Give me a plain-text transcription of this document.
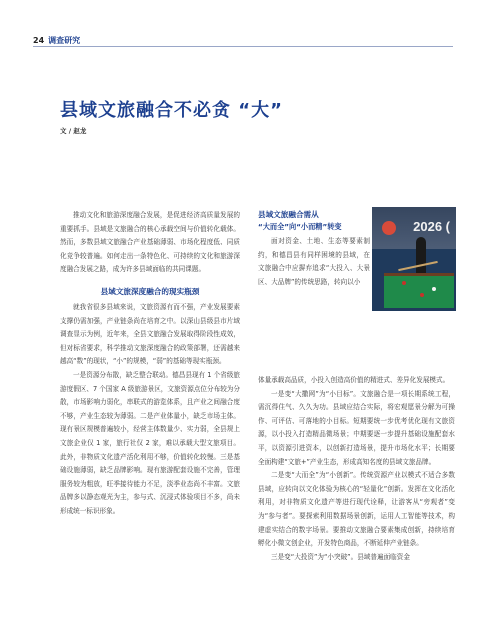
24 调查研究
县域文旅融合不必贪 “大”
文 / 赵龙

推动文化和旅游深度融合发展，是促进经济高质量发展的重要抓手。县域是文旅融合的核心承载空间与价值转化载体。然而，多数县域文旅融合产业基础薄弱、市场化程度低、同质化竞争较普遍。如何走出一条特色化、可持续的文化和旅游深度融合发展之路，成为许多县域面临的共同课题。

县域文旅深度融合的现实瓶颈

就我省很多县域来说，文旅资源有而不强，产业发展要素支撑仍需加强，产业链条尚在培育之中。以深山县级县市片域调查显示为例，近年来，全县文旅融合发展取得阶段性成效，但对标省要求，科学推动文旅深度融合的政策部署，还需越来越高“数”的现状，“小”的规模，“弱”的基础等现实瓶颈。

一是资源分布散，缺乏整合联动。德昌县现有 1 个省级旅游度假区、7 个国家 A 级旅游景区，文旅资源点位分布较为分散，市场影响力弱化，串联式的游览体系，且产业之间融合度不够，产业生态较为薄弱。二是产业体量小，缺乏市场主体。现有景区规模普遍较小，经营主体数量少、实力弱，全县规上文旅企业仅 1 家，旅行社仅 2 家，难以承载大型文旅项目。此外，非物质文化遗产活化利用不够，价值转化较慢。三是基础设施薄弱，缺乏品牌影响。现有旅游配套设施不完善，管理服务较为粗放，旺季接待能力不足，淡季业态尚不丰富。文旅品牌多以静态观光为主，参与式、沉浸式体验项目不多，尚未形成统一标识形象。

县域文旅融合需从
“大而全”向“小而精”转变

面对资金、土地、生态等要素制约，和德昌县有同样困境的县域，在文旅融合中应摒弃追求“大投入、大景区、大品牌”的传统思路，转向以小

2026 (

体量承载高品质，小投入创造高价值的精进式、差异化发展模式。

一是变“大撒网”为“小目标”。文旅融合是一项长期系统工程，需沉得住气、久久为功。县域应结合实际，将宏观愿景分解为可操作、可评估、可落地的小目标。短期要统一步优考优化现有文旅资源，以小投入打造精品微场景；中期要逐一步提升基础设施配套水平，以资源引进资本，以创新打造场景，提升市场化水平；长期要全面构建“文旅+”产业生态，形成高知名度的县域文旅品牌。

二是变“大而全”为“小创新”。传统资源产业以模式不适合多数县域，应转向以文化体验为核心的“轻量化”创新。发挥在文化活化利用，对非物质文化遗产等进行现代诠释，让游客从“旁观者”变为“参与者”。要探索利用数据场景创新，运用人工智能等技术，构建虚实结合的数字场景。要推动文旅融合要素集成创新，持续培育孵化小微文创企业，开发特色商品，不断延伸产业链条。

三是变“大投资”为“小突破”。县域普遍面临资金
